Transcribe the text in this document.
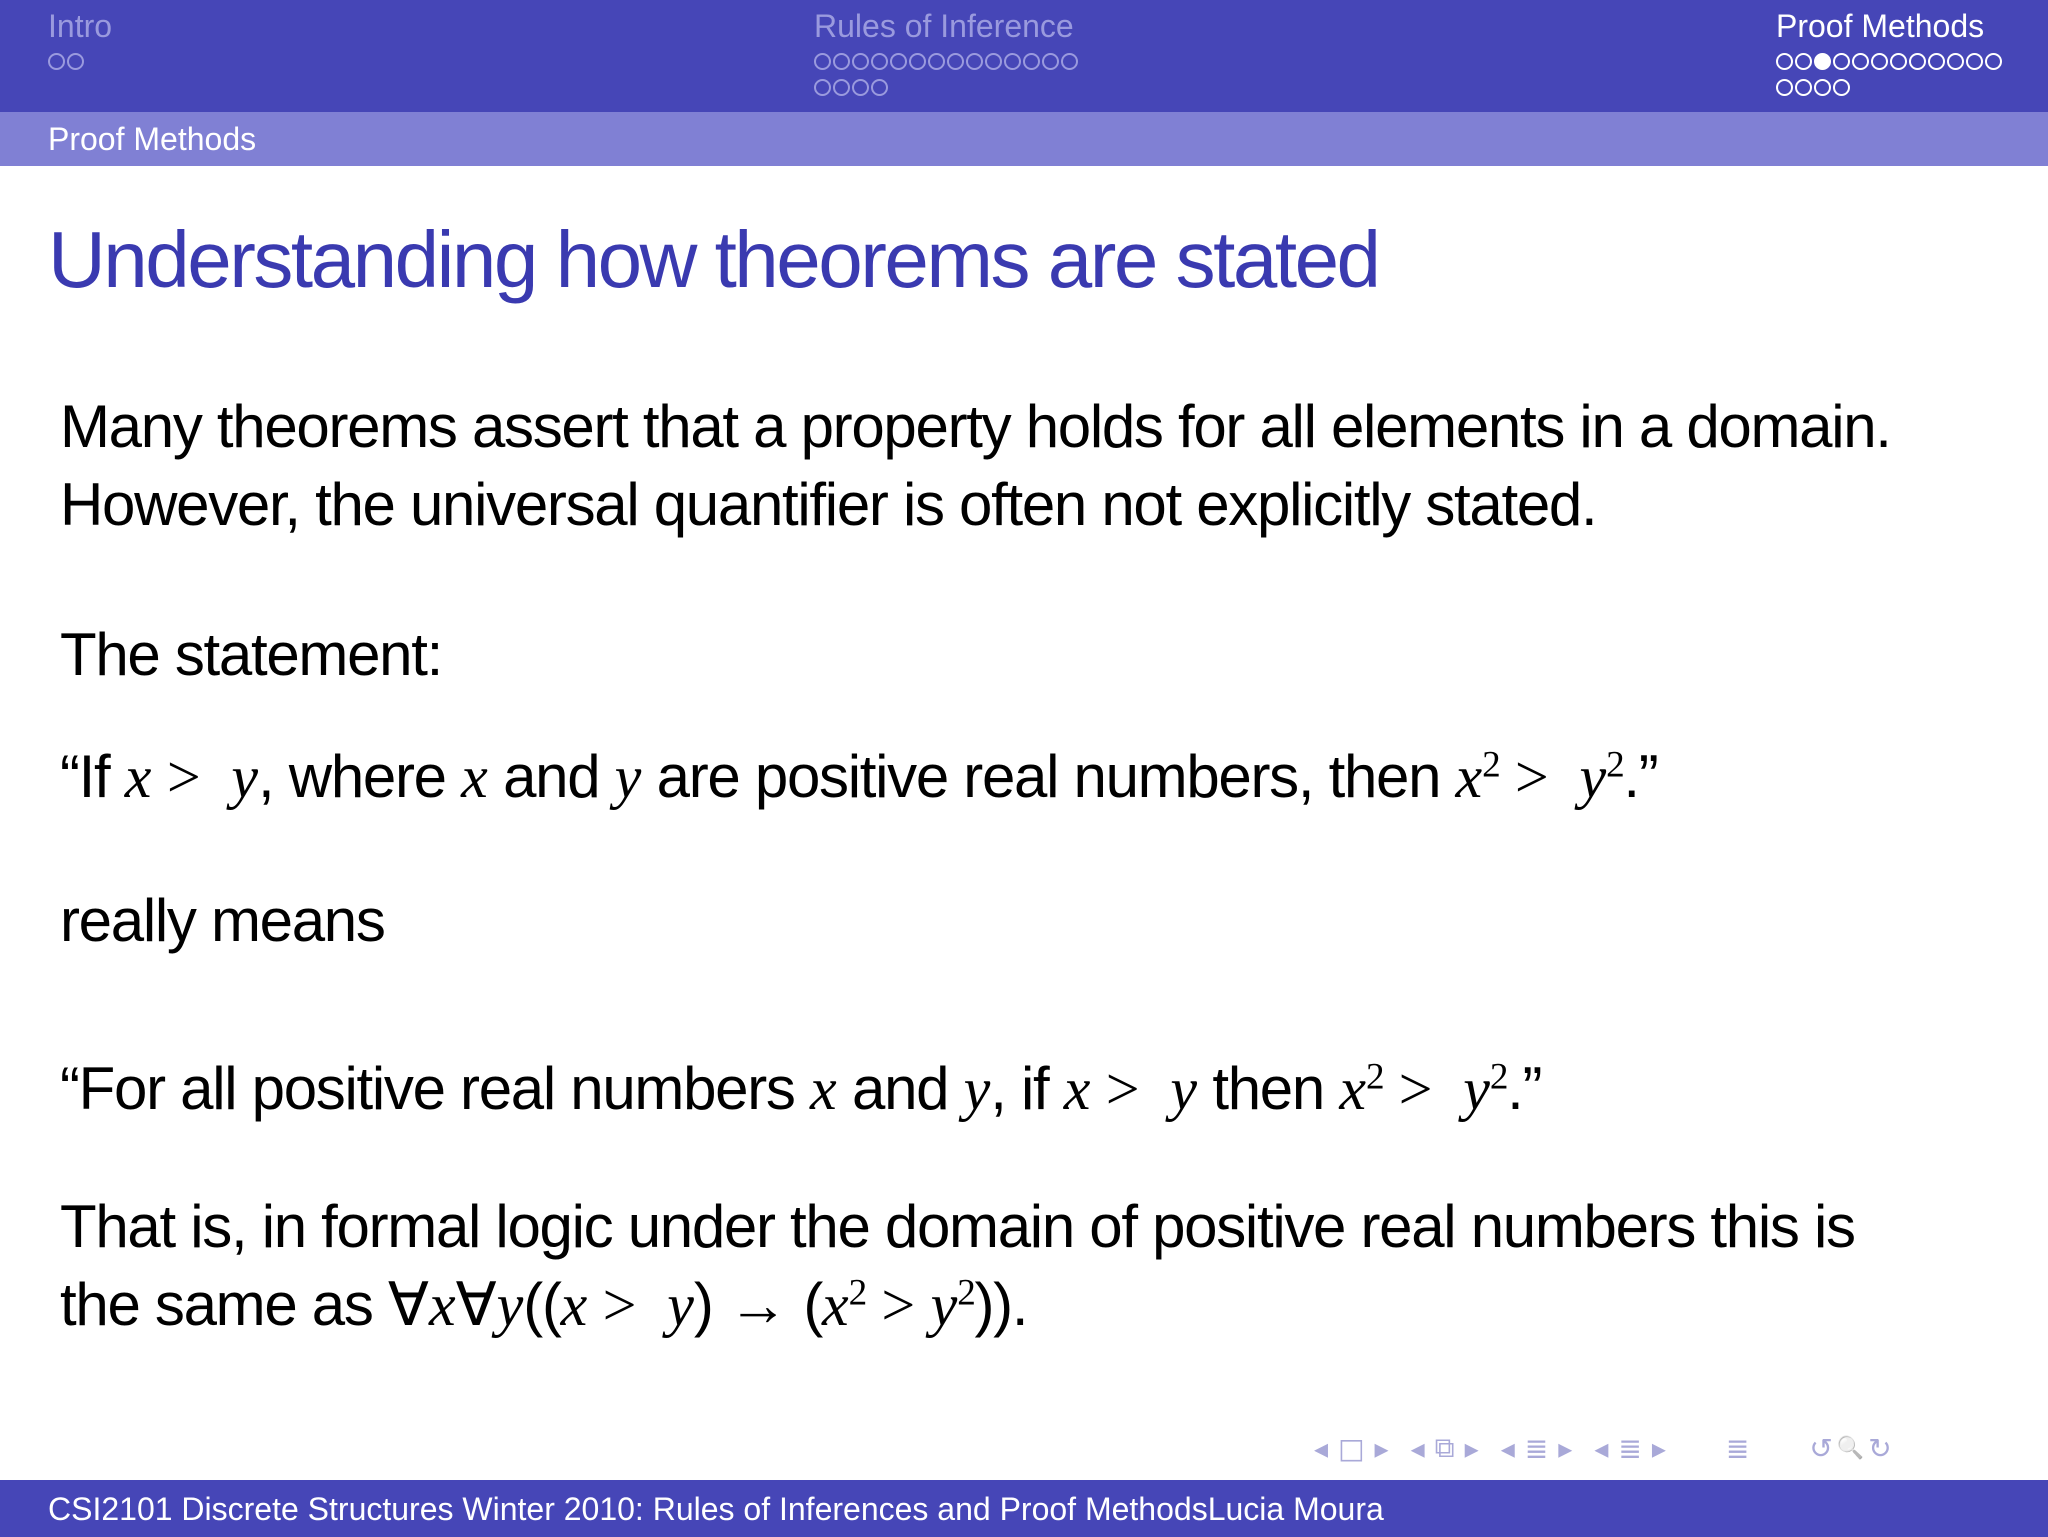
Intro	Rules of Inference	Proof Methods
Proof Methods
Understanding how theorems are stated
Many theorems assert that a property holds for all elements in a domain.
However, the universal quantifier is often not explicitly stated.
The statement:
“If x > y, where x and y are positive real numbers, then $x^2 > y^2$.”
really means
“For all positive real numbers x and y, if x > y then $x^2 > y^2$.”
That is, in formal logic under the domain of positive real numbers this is
the same as ∀x∀y((x > $y) \to (x^2 > y^2)$).
◂ □ ▸ ◂ ⧉ ▸ ◂ ≣ ▸ ◂ ≣ ▸ ≣ ↺ 🔍 ↻
CSI2101 Discrete Structures Winter 2010: Rules of Inferences and Proof MethodsLucia Moura
